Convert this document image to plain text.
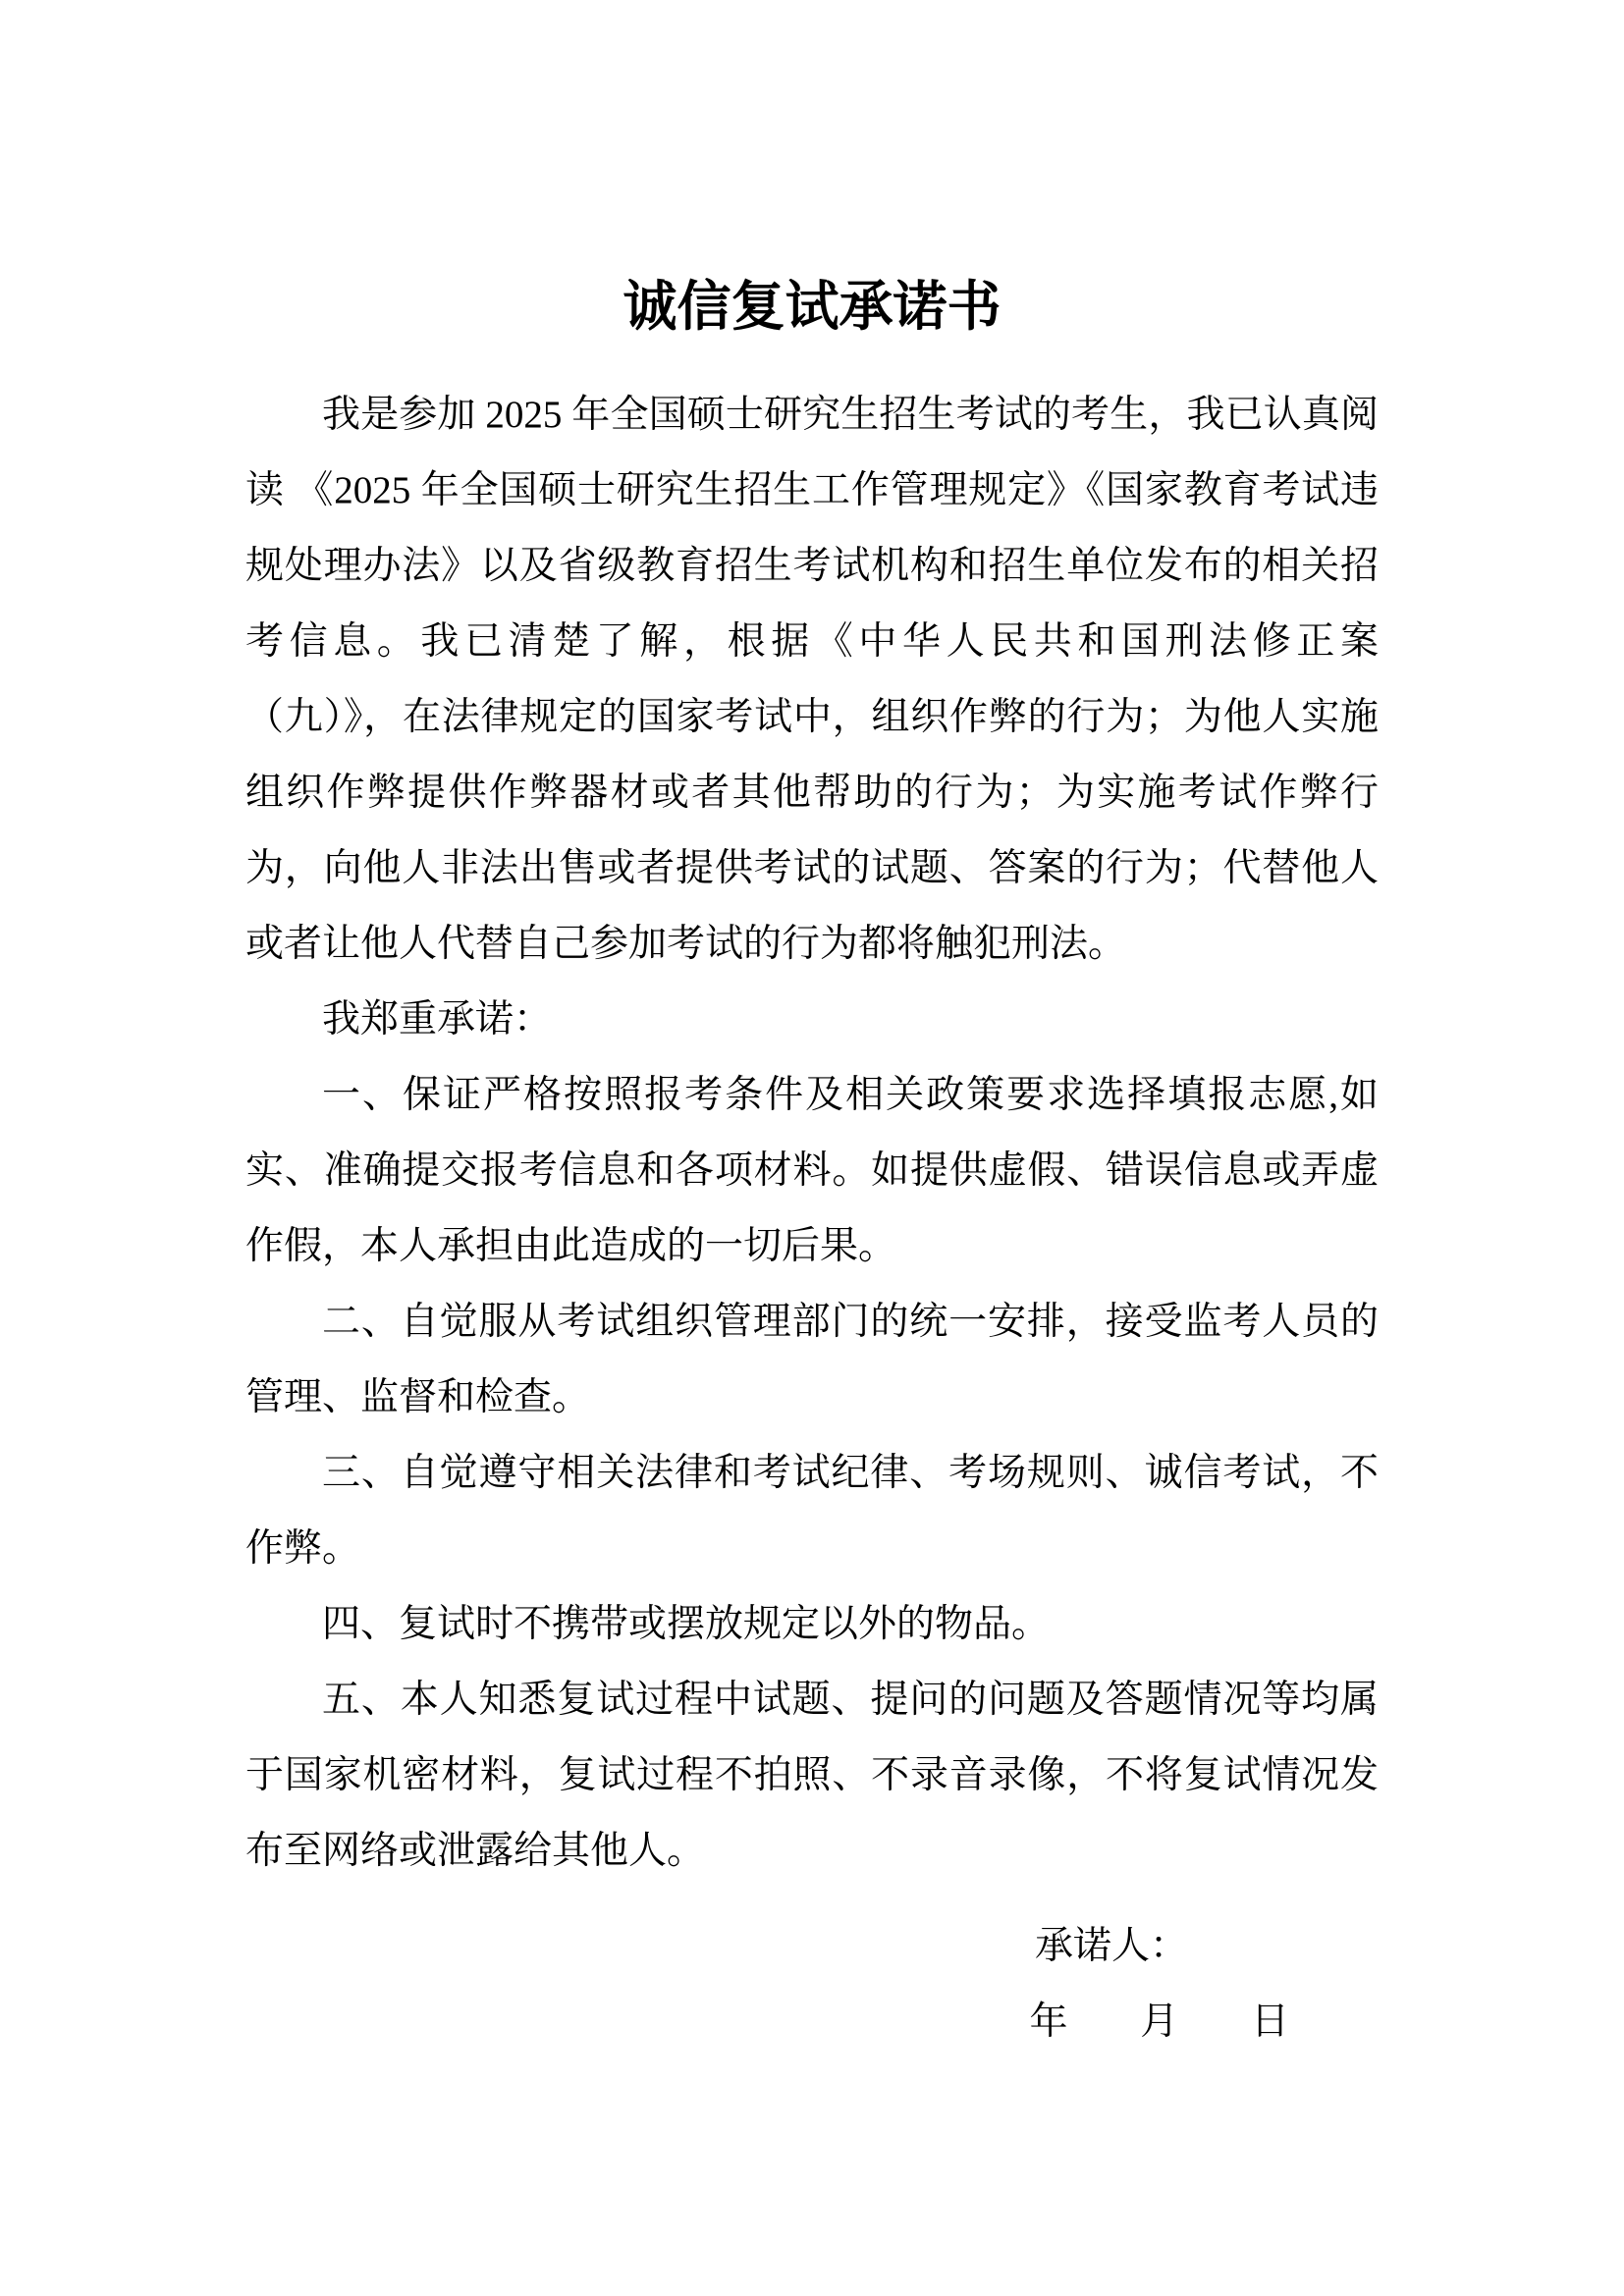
诚信复试承诺书

我是参加 2025 年全国硕士研究生招生考试的考生，我已认真阅读 《2025 年全国硕士研究生招生工作管理规定》《国家教育考试违规处理办法》以及省级教育招生考试机构和招生单位发布的相关招考信息。我已清楚了解，根据《中华人民共和国刑法修正案（九）》，在法律规定的国家考试中，组织作弊的行为；为他人实施组织作弊提供作弊器材或者其他帮助的行为；为实施考试作弊行为，向他人非法出售或者提供考试的试题、答案的行为；代替他人或者让他人代替自己参加考试的行为都将触犯刑法。

我郑重承诺：

一、保证严格按照报考条件及相关政策要求选择填报志愿,如实、准确提交报考信息和各项材料。如提供虚假、错误信息或弄虚作假，本人承担由此造成的一切后果。

二、自觉服从考试组织管理部门的统一安排，接受监考人员的管理、监督和检查。

三、自觉遵守相关法律和考试纪律、考场规则、诚信考试，不作弊。

四、复试时不携带或摆放规定以外的物品。

五、本人知悉复试过程中试题、提问的问题及答题情况等均属于国家机密材料，复试过程不拍照、不录音录像，不将复试情况发布至网络或泄露给其他人。

承诺人：
年 月 日
